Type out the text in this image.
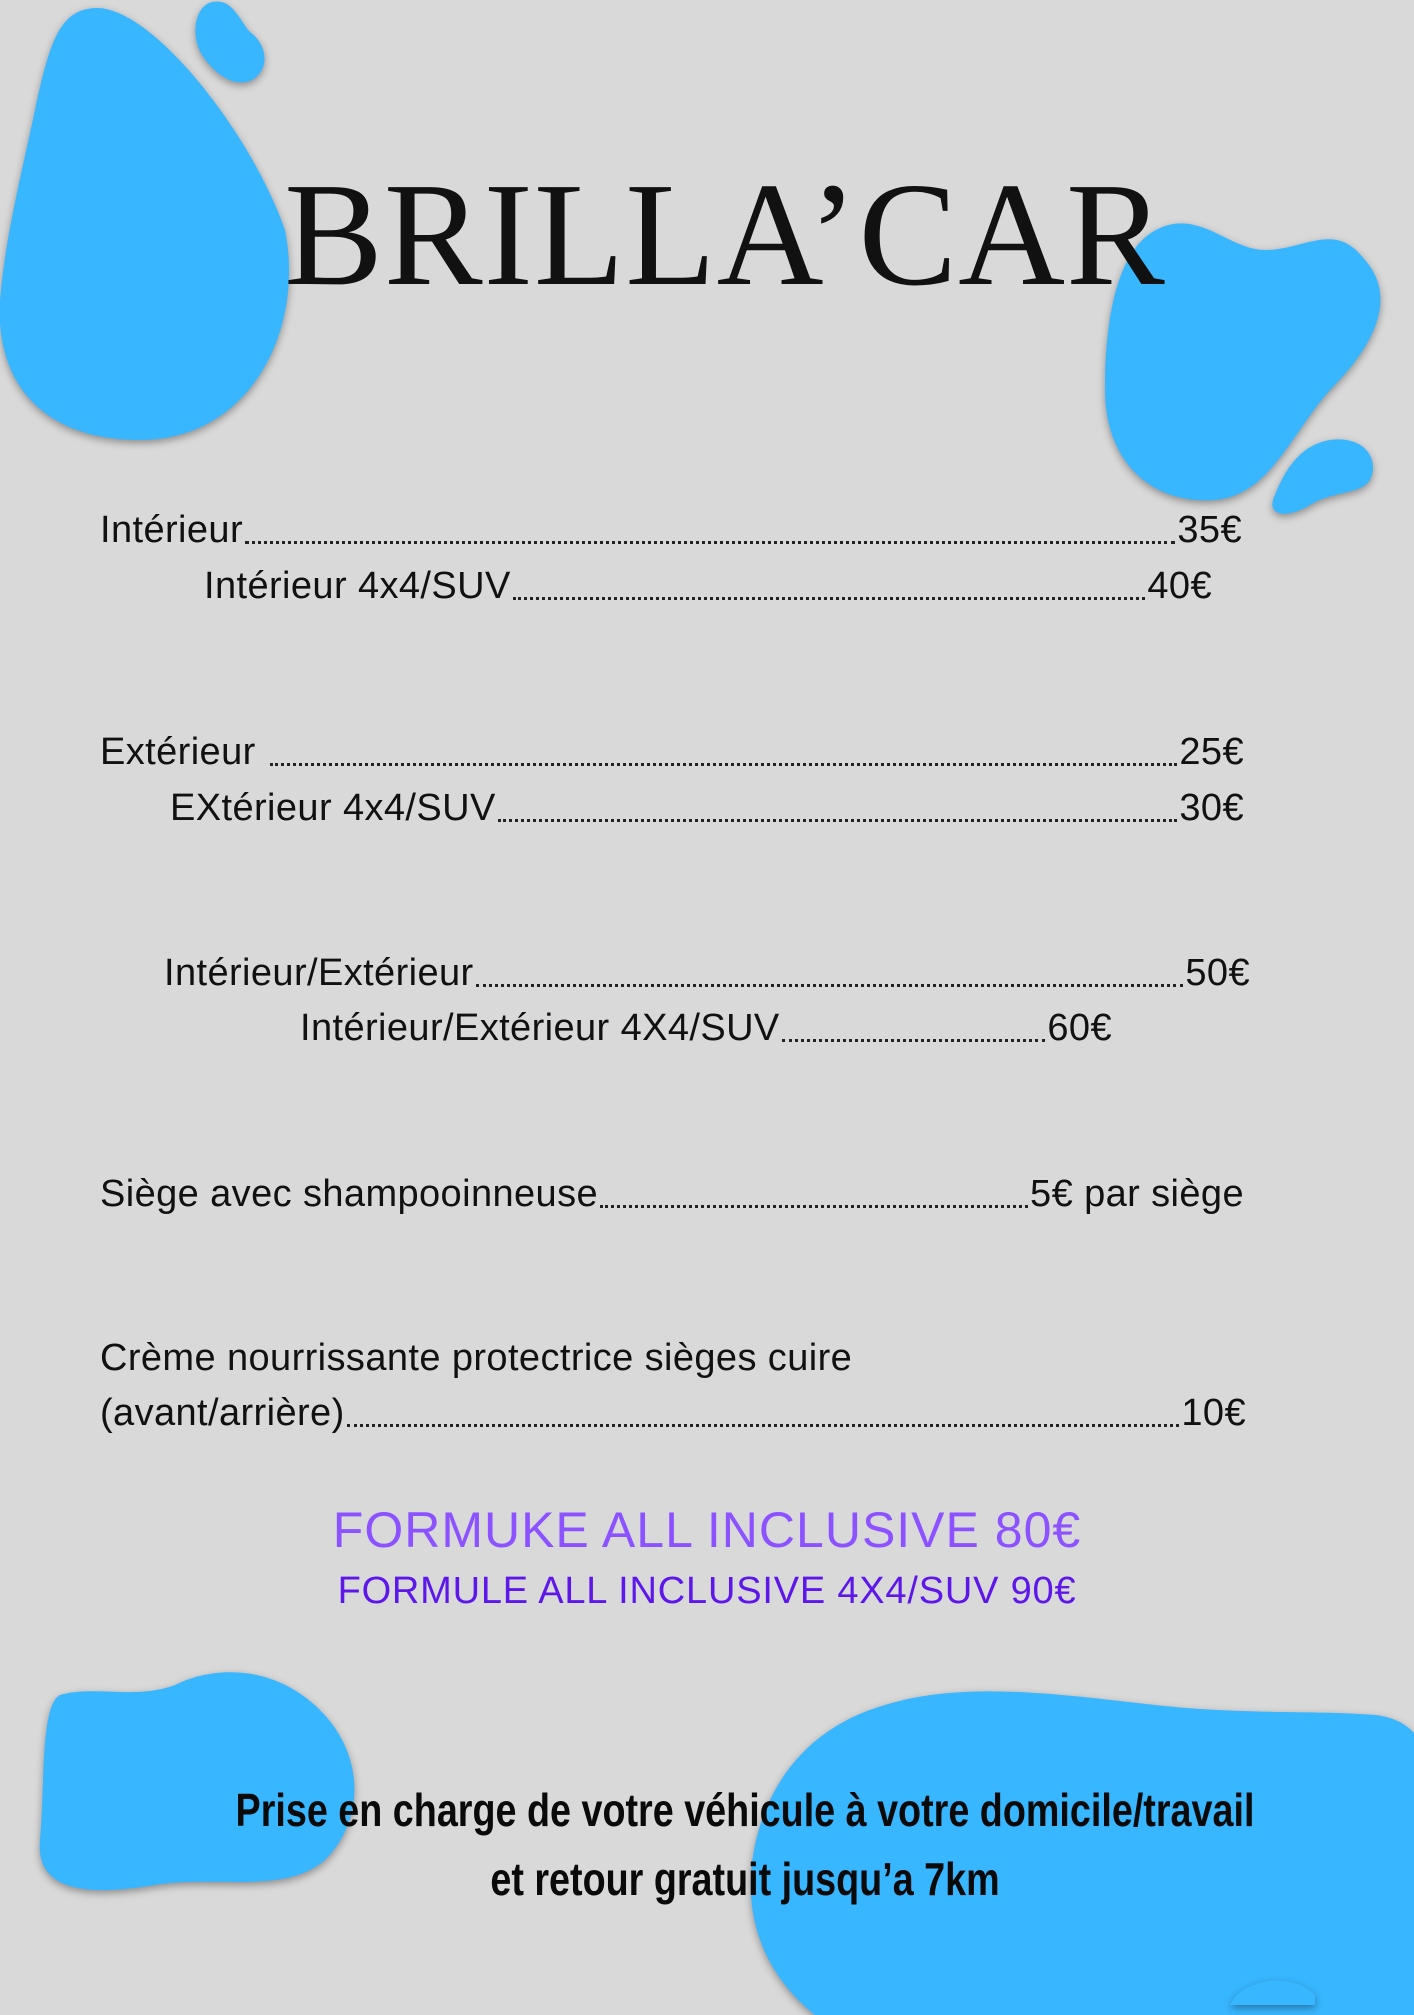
BRILLA’CAR
Intérieur	35€
Intérieur 4x4/SUV	40€
Extérieur	25€
EXtérieur 4x4/SUV	30€
Intérieur/Extérieur	50€
Intérieur/Extérieur 4X4/SUV	60€
Siège avec shampooinneuse	5€ par siège
Crème nourrissante protectrice sièges cuire
(avant/arrière)	10€
FORMUKE ALL INCLUSIVE 80€
FORMULE ALL INCLUSIVE 4X4/SUV 90€
Prise en charge de votre véhicule à votre domicile/travail
et retour gratuit jusqu’a 7km
